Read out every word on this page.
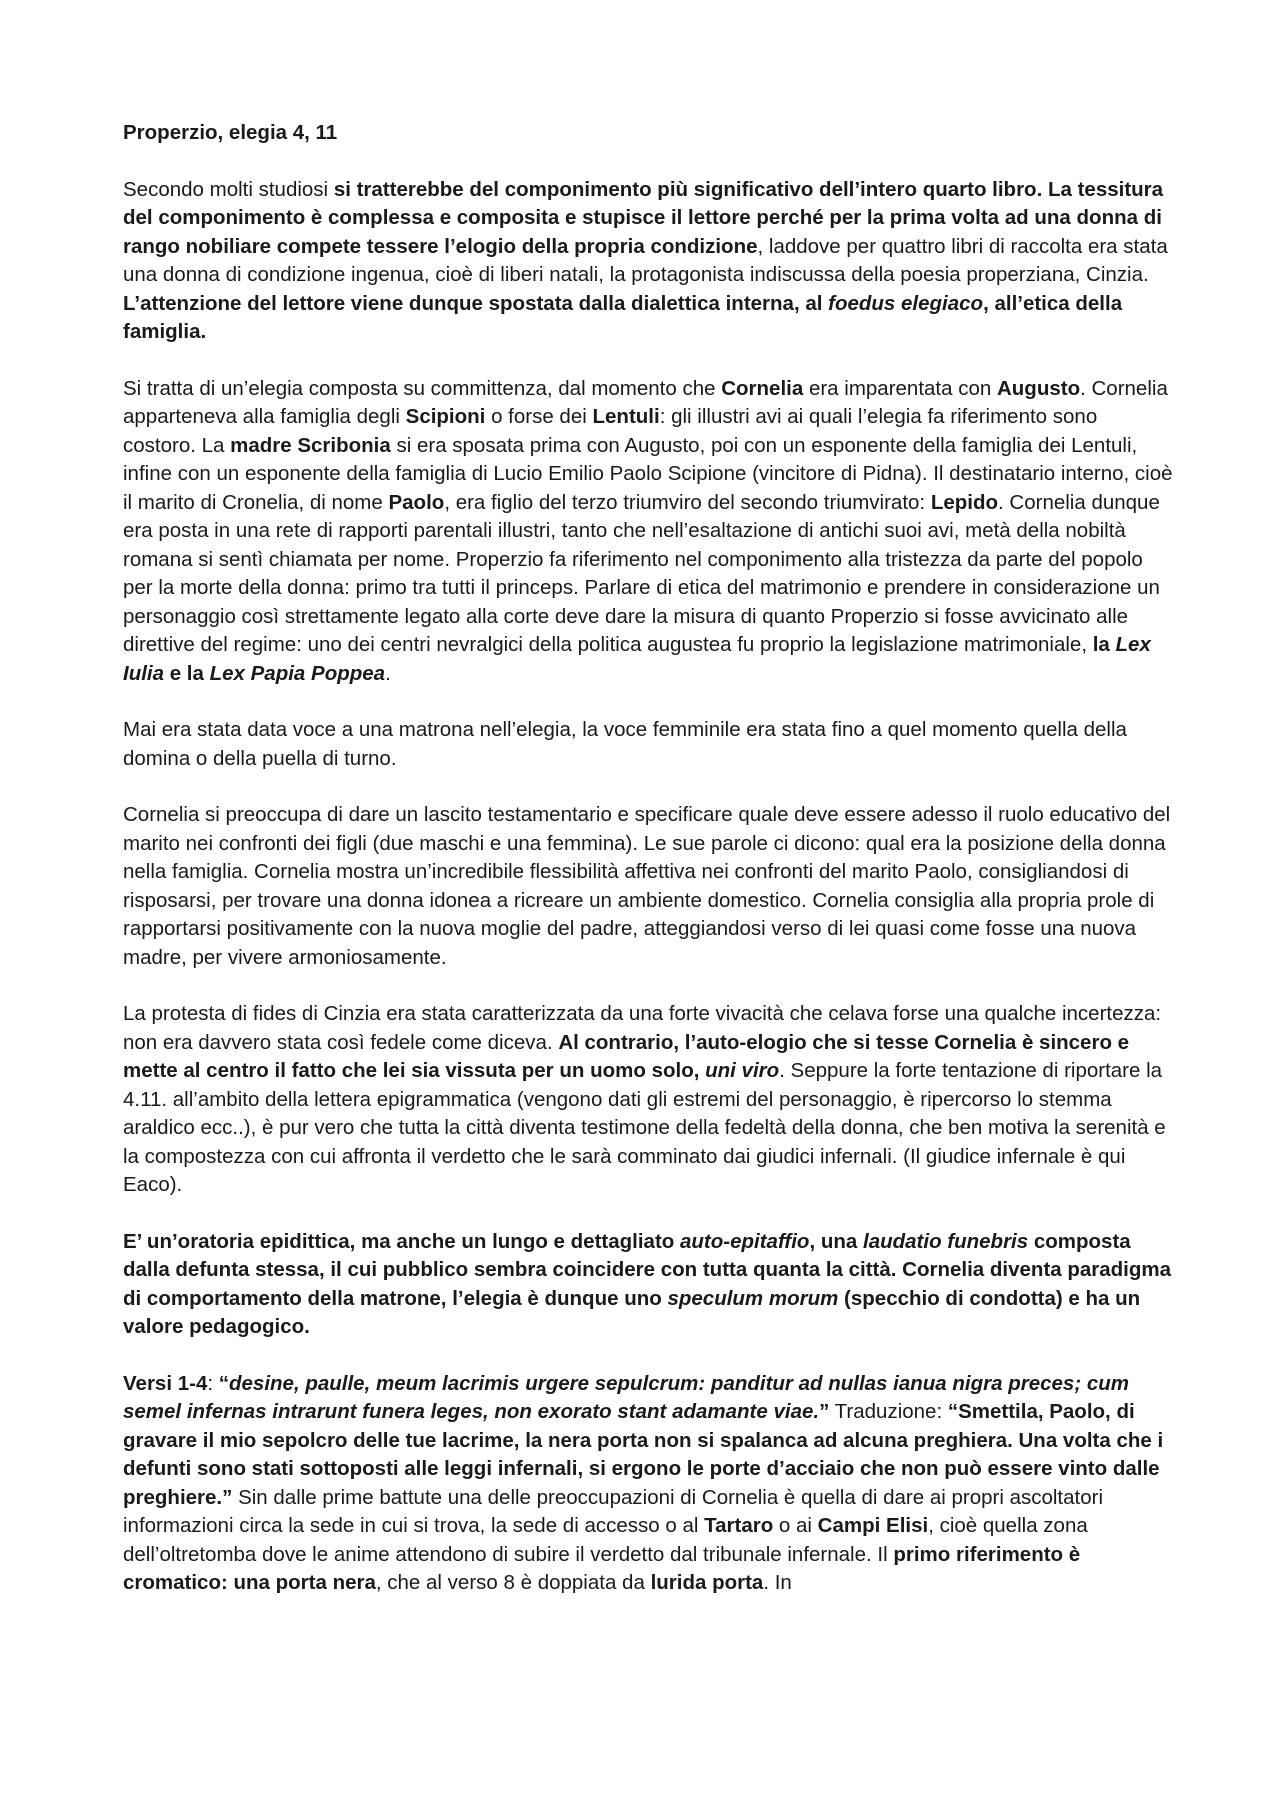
Properzio, elegia 4, 11
Secondo molti studiosi si tratterebbe del componimento più significativo dell’intero quarto libro. La tessitura del componimento è complessa e composita e stupisce il lettore perché per la prima volta ad una donna di rango nobiliare compete tessere l’elogio della propria condizione, laddove per quattro libri di raccolta era stata una donna di condizione ingenua, cioè di liberi natali, la protagonista indiscussa della poesia properziana, Cinzia. L’attenzione del lettore viene dunque spostata dalla dialettica interna, al foedus elegiaco, all’etica della famiglia.
Si tratta di un’elegia composta su committenza, dal momento che Cornelia era imparentata con Augusto. Cornelia apparteneva alla famiglia degli Scipioni o forse dei Lentuli: gli illustri avi ai quali l’elegia fa riferimento sono costoro. La madre Scribonia si era sposata prima con Augusto, poi con un esponente della famiglia dei Lentuli, infine con un esponente della famiglia di Lucio Emilio Paolo Scipione (vincitore di Pidna). Il destinatario interno, cioè il marito di Cronelia, di nome Paolo, era figlio del terzo triumviro del secondo triumvirato: Lepido. Cornelia dunque era posta in una rete di rapporti parentali illustri, tanto che nell’esaltazione di antichi suoi avi, metà della nobiltà romana si sentì chiamata per nome. Properzio fa riferimento nel componimento alla tristezza da parte del popolo per la morte della donna: primo tra tutti il princeps. Parlare di etica del matrimonio e prendere in considerazione un personaggio così strettamente legato alla corte deve dare la misura di quanto Properzio si fosse avvicinato alle direttive del regime: uno dei centri nevralgici della politica augustea fu proprio la legislazione matrimoniale, la Lex Iulia e la Lex Papia Poppea.
Mai era stata data voce a una matrona nell’elegia, la voce femminile era stata fino a quel momento quella della domina o della puella di turno.
Cornelia si preoccupa di dare un lascito testamentario e specificare quale deve essere adesso il ruolo educativo del marito nei confronti dei figli (due maschi e una femmina). Le sue parole ci dicono: qual era la posizione della donna nella famiglia. Cornelia mostra un’incredibile flessibilità affettiva nei confronti del marito Paolo, consigliandosi di risposarsi, per trovare una donna idonea a ricreare un ambiente domestico. Cornelia consiglia alla propria prole di rapportarsi positivamente con la nuova moglie del padre, atteggiandosi verso di lei quasi come fosse una nuova madre, per vivere armoniosamente.
La protesta di fides di Cinzia era stata caratterizzata da una forte vivacità che celava forse una qualche incertezza: non era davvero stata così fedele come diceva. Al contrario, l’auto-elogio che si tesse Cornelia è sincero e mette al centro il fatto che lei sia vissuta per un uomo solo, uni viro. Seppure la forte tentazione di riportare la 4.11. all’ambito della lettera epigrammatica (vengono dati gli estremi del personaggio, è ripercorso lo stemma araldico ecc..), è pur vero che tutta la città diventa testimone della fedeltà della donna, che ben motiva la serenità e la compostezza con cui affronta il verdetto che le sarà comminato dai giudici infernali. (Il giudice infernale è qui Eaco).
E’ un’oratoria epidittica, ma anche un lungo e dettagliato auto-epitaffio, una laudatio funebris composta dalla defunta stessa, il cui pubblico sembra coincidere con tutta quanta la città. Cornelia diventa paradigma di comportamento della matrone, l’elegia è dunque uno speculum morum (specchio di condotta) e ha un valore pedagogico.
Versi 1-4: “desine, paulle, meum lacrimis urgere sepulcrum: panditur ad nullas ianua nigra preces; cum semel infernas intrarunt funera leges, non exorato stant adamante viae.” Traduzione: “Smettila, Paolo, di gravare il mio sepolcro delle tue lacrime, la nera porta non si spalanca ad alcuna preghiera. Una volta che i defunti sono stati sottoposti alle leggi infernali, si ergono le porte d’acciaio che non può essere vinto dalle preghiere.” Sin dalle prime battute una delle preoccupazioni di Cornelia è quella di dare ai propri ascoltatori informazioni circa la sede in cui si trova, la sede di accesso o al Tartaro o ai Campi Elisi, cioè quella zona dell’oltretomba dove le anime attendono di subire il verdetto dal tribunale infernale. Il primo riferimento è cromatico: una porta nera, che al verso 8 è doppiata da lurida porta. In
